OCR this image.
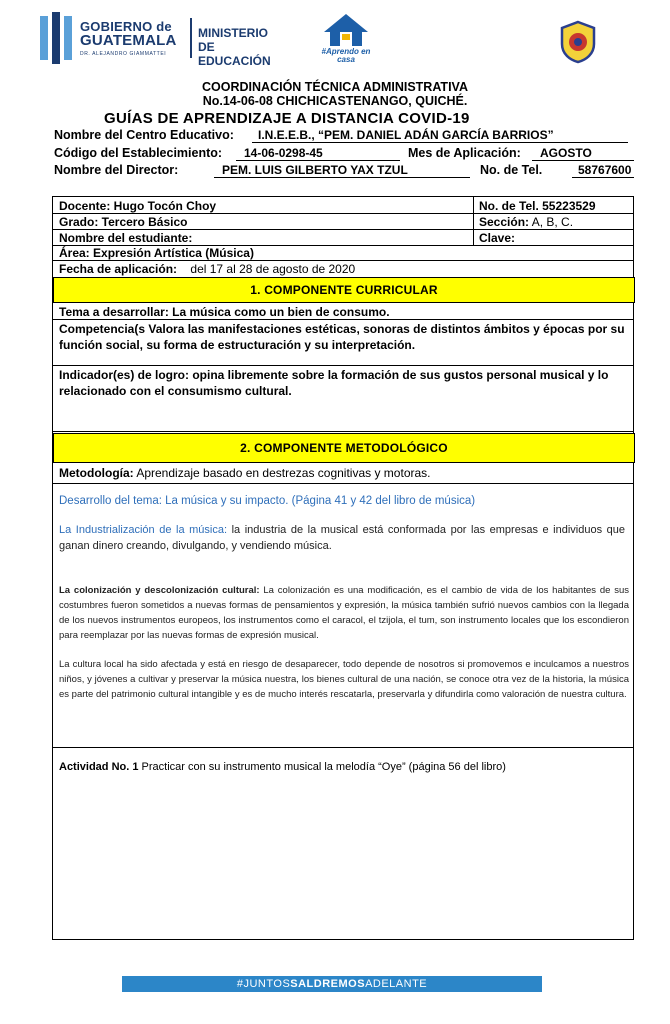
GOBIERNO de
GUATEMALA
DR. ALEJANDRO GIAMMATTEI
MINISTERIO DE
EDUCACIÓN
#Aprendo en casa
COORDINACIÓN TÉCNICA ADMINISTRATIVA
No.14-06-08 CHICHICASTENANGO, QUICHÉ.
GUÍAS DE APRENDIZAJE A DISTANCIA COVID-19
Nombre del Centro Educativo: I.N.E.E.B., “PEM. DANIEL ADÁN GARCÍA BARRIOS”
Código del Establecimiento: 14-06-0298-45	Mes de Aplicación: AGOSTO
Nombre del Director:	PEM. LUIS GILBERTO YAX TZUL	No. de Tel.	58767600
Docente: Hugo Tocón Choy	No. de Tel. 55223529
Grado: Tercero Básico	Sección: A, B, C.
Nombre del estudiante:	Clave:
Área: Expresión Artística (Música)
Fecha de aplicación: del 17 al 28 de agosto de 2020
1. COMPONENTE CURRICULAR
Tema a desarrollar: La música como un bien de consumo.
Competencia(s Valora las manifestaciones estéticas, sonoras de distintos ámbitos y épocas por su función social, su forma de estructuración y su interpretación.
Indicador(es) de logro: opina libremente sobre la formación de sus gustos personal musical y lo relacionado con el consumismo cultural.
2. COMPONENTE METODOLÓGICO
Metodología: Aprendizaje basado en destrezas cognitivas y motoras.
Desarrollo del tema: La música y su impacto. (Página 41 y 42 del libro de música)
La Industrialización de la música: la industria de la musical está conformada por las empresas e individuos que ganan dinero creando, divulgando, y vendiendo música.
La colonización y descolonización cultural: La colonización es una modificación, es el cambio de vida de los habitantes de sus costumbres fueron sometidos a nuevas formas de pensamientos y expresión, la música también sufrió nuevos cambios con la llegada de los nuevos instrumentos europeos, los instrumentos como el caracol, el tzijola, el tum, son instrumento locales que los escondieron para reemplazar por las nuevas formas de expresión musical.
La cultura local ha sido afectada y está en riesgo de desaparecer, todo depende de nosotros si promovemos e inculcamos a nuestros niños, y jóvenes a cultivar y preservar la música nuestra, los bienes cultural de una nación, se conoce otra vez de la historia, la música es parte del patrimonio cultural intangible y es de mucho interés rescatarla, preservarla y difundirla como valoración de nuestra cultura.
Actividad No. 1 Practicar con su instrumento musical la melodía “Oye” (página 56 del libro)
#JUNTOSSALDREMOSADELANTE
